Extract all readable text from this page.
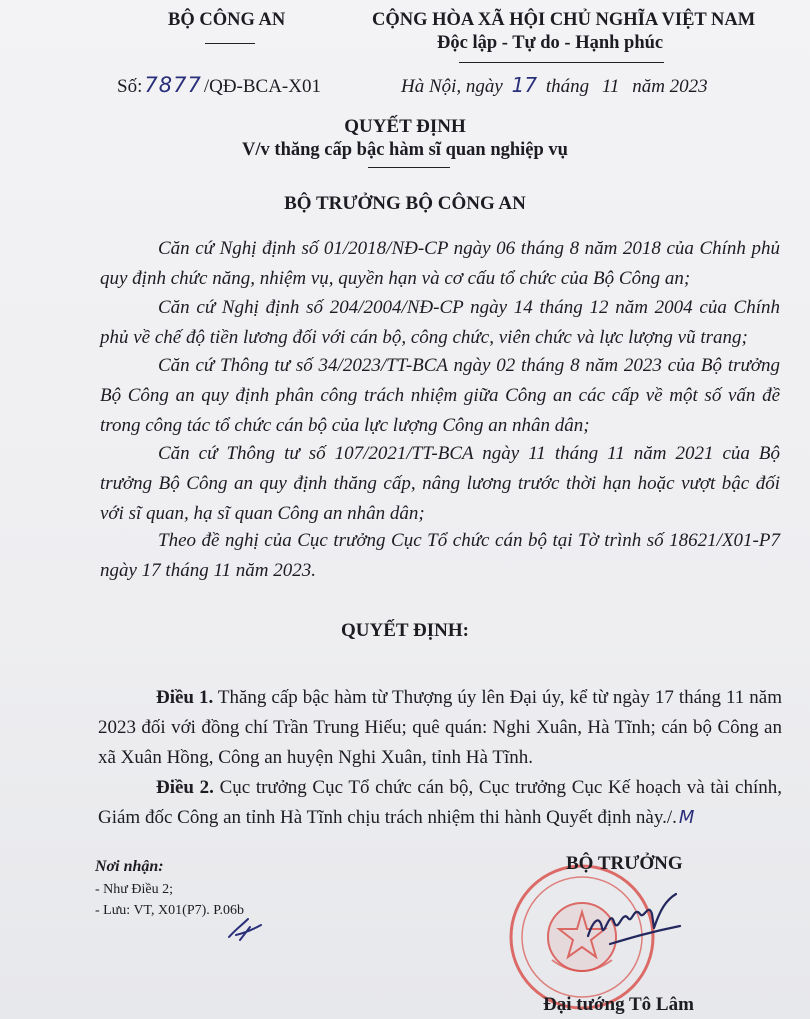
BỘ CÔNG AN	CỘNG HÒA XÃ HỘI CHỦ NGHĨA VIỆT NAM
Độc lập - Tự do - Hạnh phúc
Số:7877 /QĐ-BCA-X01	Hà Nội, ngày 17 tháng 11 năm 2023
QUYẾT ĐỊNH
V/v thăng cấp bậc hàm sĩ quan nghiệp vụ
BỘ TRƯỞNG BỘ CÔNG AN
Căn cứ Nghị định số 01/2018/NĐ-CP ngày 06 tháng 8 năm 2018 của Chính phủ quy định chức năng, nhiệm vụ, quyền hạn và cơ cấu tổ chức của Bộ Công an;
Căn cứ Nghị định số 204/2004/NĐ-CP ngày 14 tháng 12 năm 2004 của Chính phủ về chế độ tiền lương đối với cán bộ, công chức, viên chức và lực lượng vũ trang;
Căn cứ Thông tư số 34/2023/TT-BCA ngày 02 tháng 8 năm 2023 của Bộ trưởng Bộ Công an quy định phân công trách nhiệm giữa Công an các cấp về một số vấn đề trong công tác tổ chức cán bộ của lực lượng Công an nhân dân;
Căn cứ Thông tư số 107/2021/TT-BCA ngày 11 tháng 11 năm 2021 của Bộ trưởng Bộ Công an quy định thăng cấp, nâng lương trước thời hạn hoặc vượt bậc đối với sĩ quan, hạ sĩ quan Công an nhân dân;
Theo đề nghị của Cục trưởng Cục Tổ chức cán bộ tại Tờ trình số 18621/X01-P7 ngày 17 tháng 11 năm 2023.
QUYẾT ĐỊNH:
Điều 1. Thăng cấp bậc hàm từ Thượng úy lên Đại úy, kể từ ngày 17 tháng 11 năm 2023 đối với đồng chí Trần Trung Hiếu; quê quán: Nghi Xuân, Hà Tĩnh; cán bộ Công an xã Xuân Hồng, Công an huyện Nghi Xuân, tỉnh Hà Tĩnh.
Điều 2. Cục trưởng Cục Tổ chức cán bộ, Cục trưởng Cục Kế hoạch và tài chính, Giám đốc Công an tỉnh Hà Tĩnh chịu trách nhiệm thi hành Quyết định này./. M
Nơi nhận:
- Như Điều 2;
- Lưu: VT, X01(P7). P.06b
BỘ TRƯỞNG
Đại tướng Tô Lâm
